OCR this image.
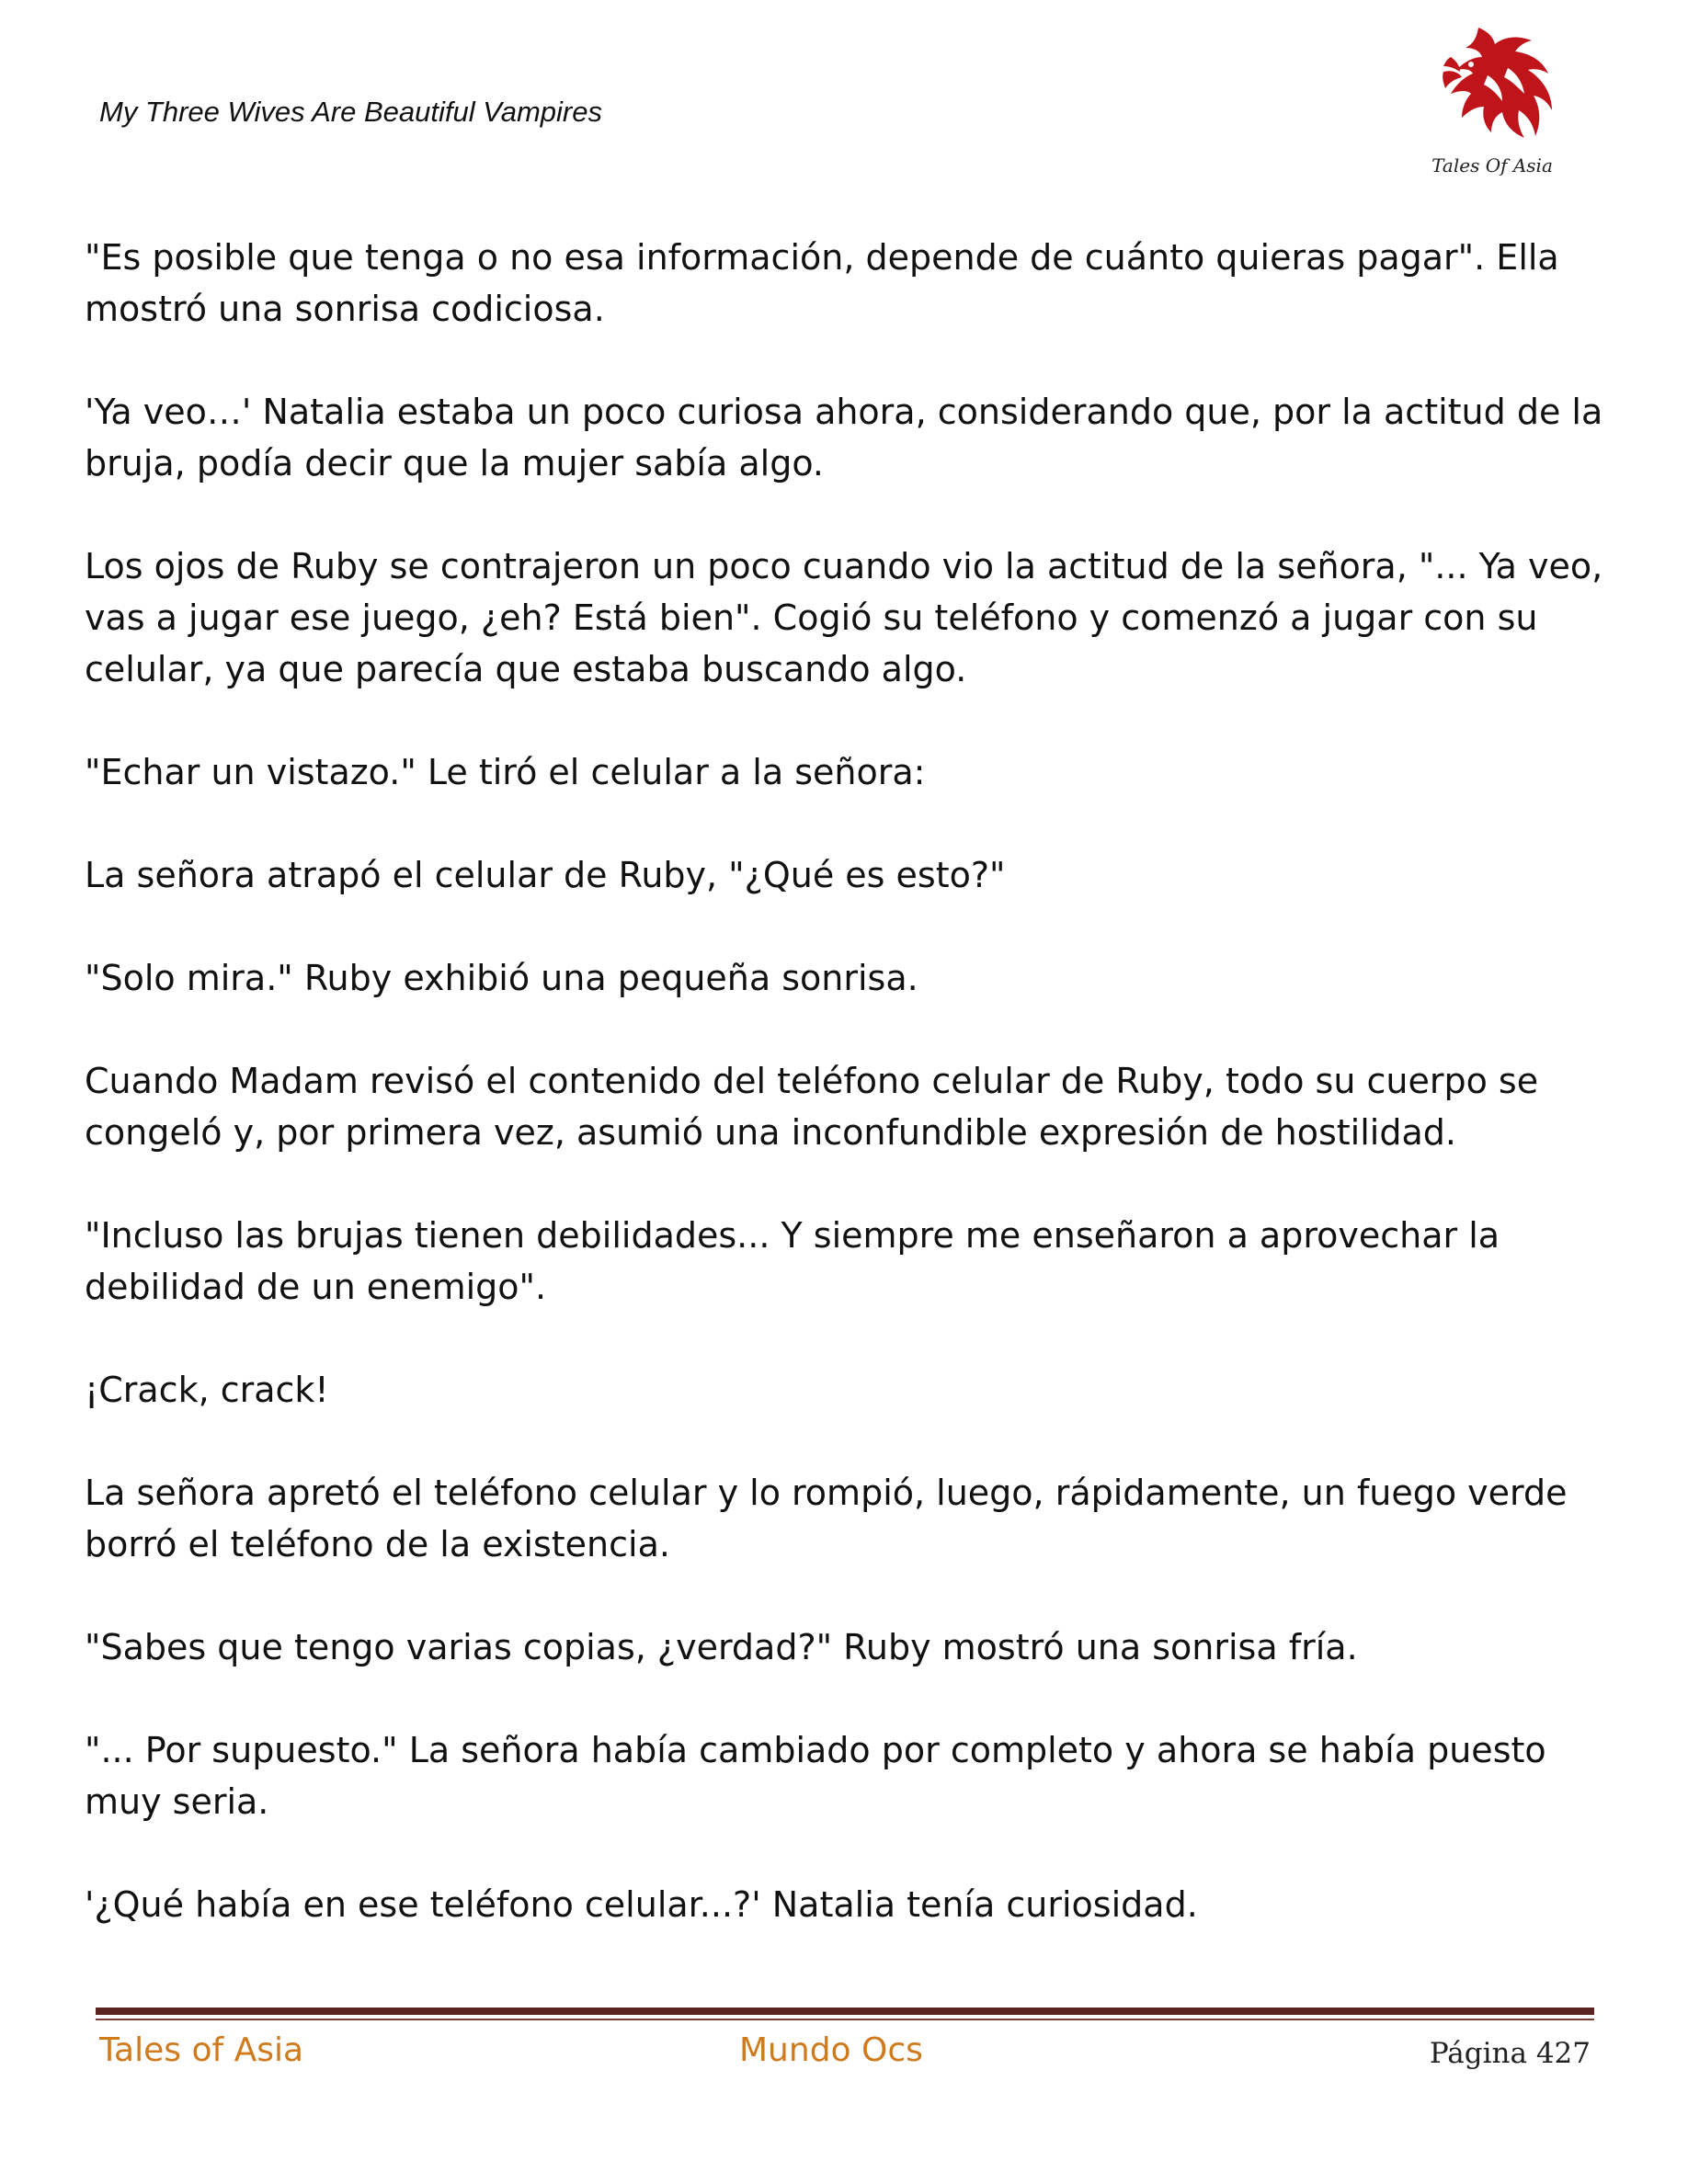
My Three Wives Are Beautiful Vampires
Tales Of Asia

"Es posible que tenga o no esa información, depende de cuánto quieras pagar". Ella mostró una sonrisa codiciosa.

'Ya veo…' Natalia estaba un poco curiosa ahora, considerando que, por la actitud de la bruja, podía decir que la mujer sabía algo.

Los ojos de Ruby se contrajeron un poco cuando vio la actitud de la señora, "... Ya veo, vas a jugar ese juego, ¿eh? Está bien". Cogió su teléfono y comenzó a jugar con su celular, ya que parecía que estaba buscando algo.

"Echar un vistazo." Le tiró el celular a la señora:

La señora atrapó el celular de Ruby, "¿Qué es esto?"

"Solo mira." Ruby exhibió una pequeña sonrisa.

Cuando Madam revisó el contenido del teléfono celular de Ruby, todo su cuerpo se congeló y, por primera vez, asumió una inconfundible expresión de hostilidad.

"Incluso las brujas tienen debilidades... Y siempre me enseñaron a aprovechar la debilidad de un enemigo".

¡Crack, crack!

La señora apretó el teléfono celular y lo rompió, luego, rápidamente, un fuego verde borró el teléfono de la existencia.

"Sabes que tengo varias copias, ¿verdad?" Ruby mostró una sonrisa fría.

"... Por supuesto." La señora había cambiado por completo y ahora se había puesto muy seria.

'¿Qué había en ese teléfono celular...?' Natalia tenía curiosidad.

Tales of Asia	Mundo Ocs	Página 427
